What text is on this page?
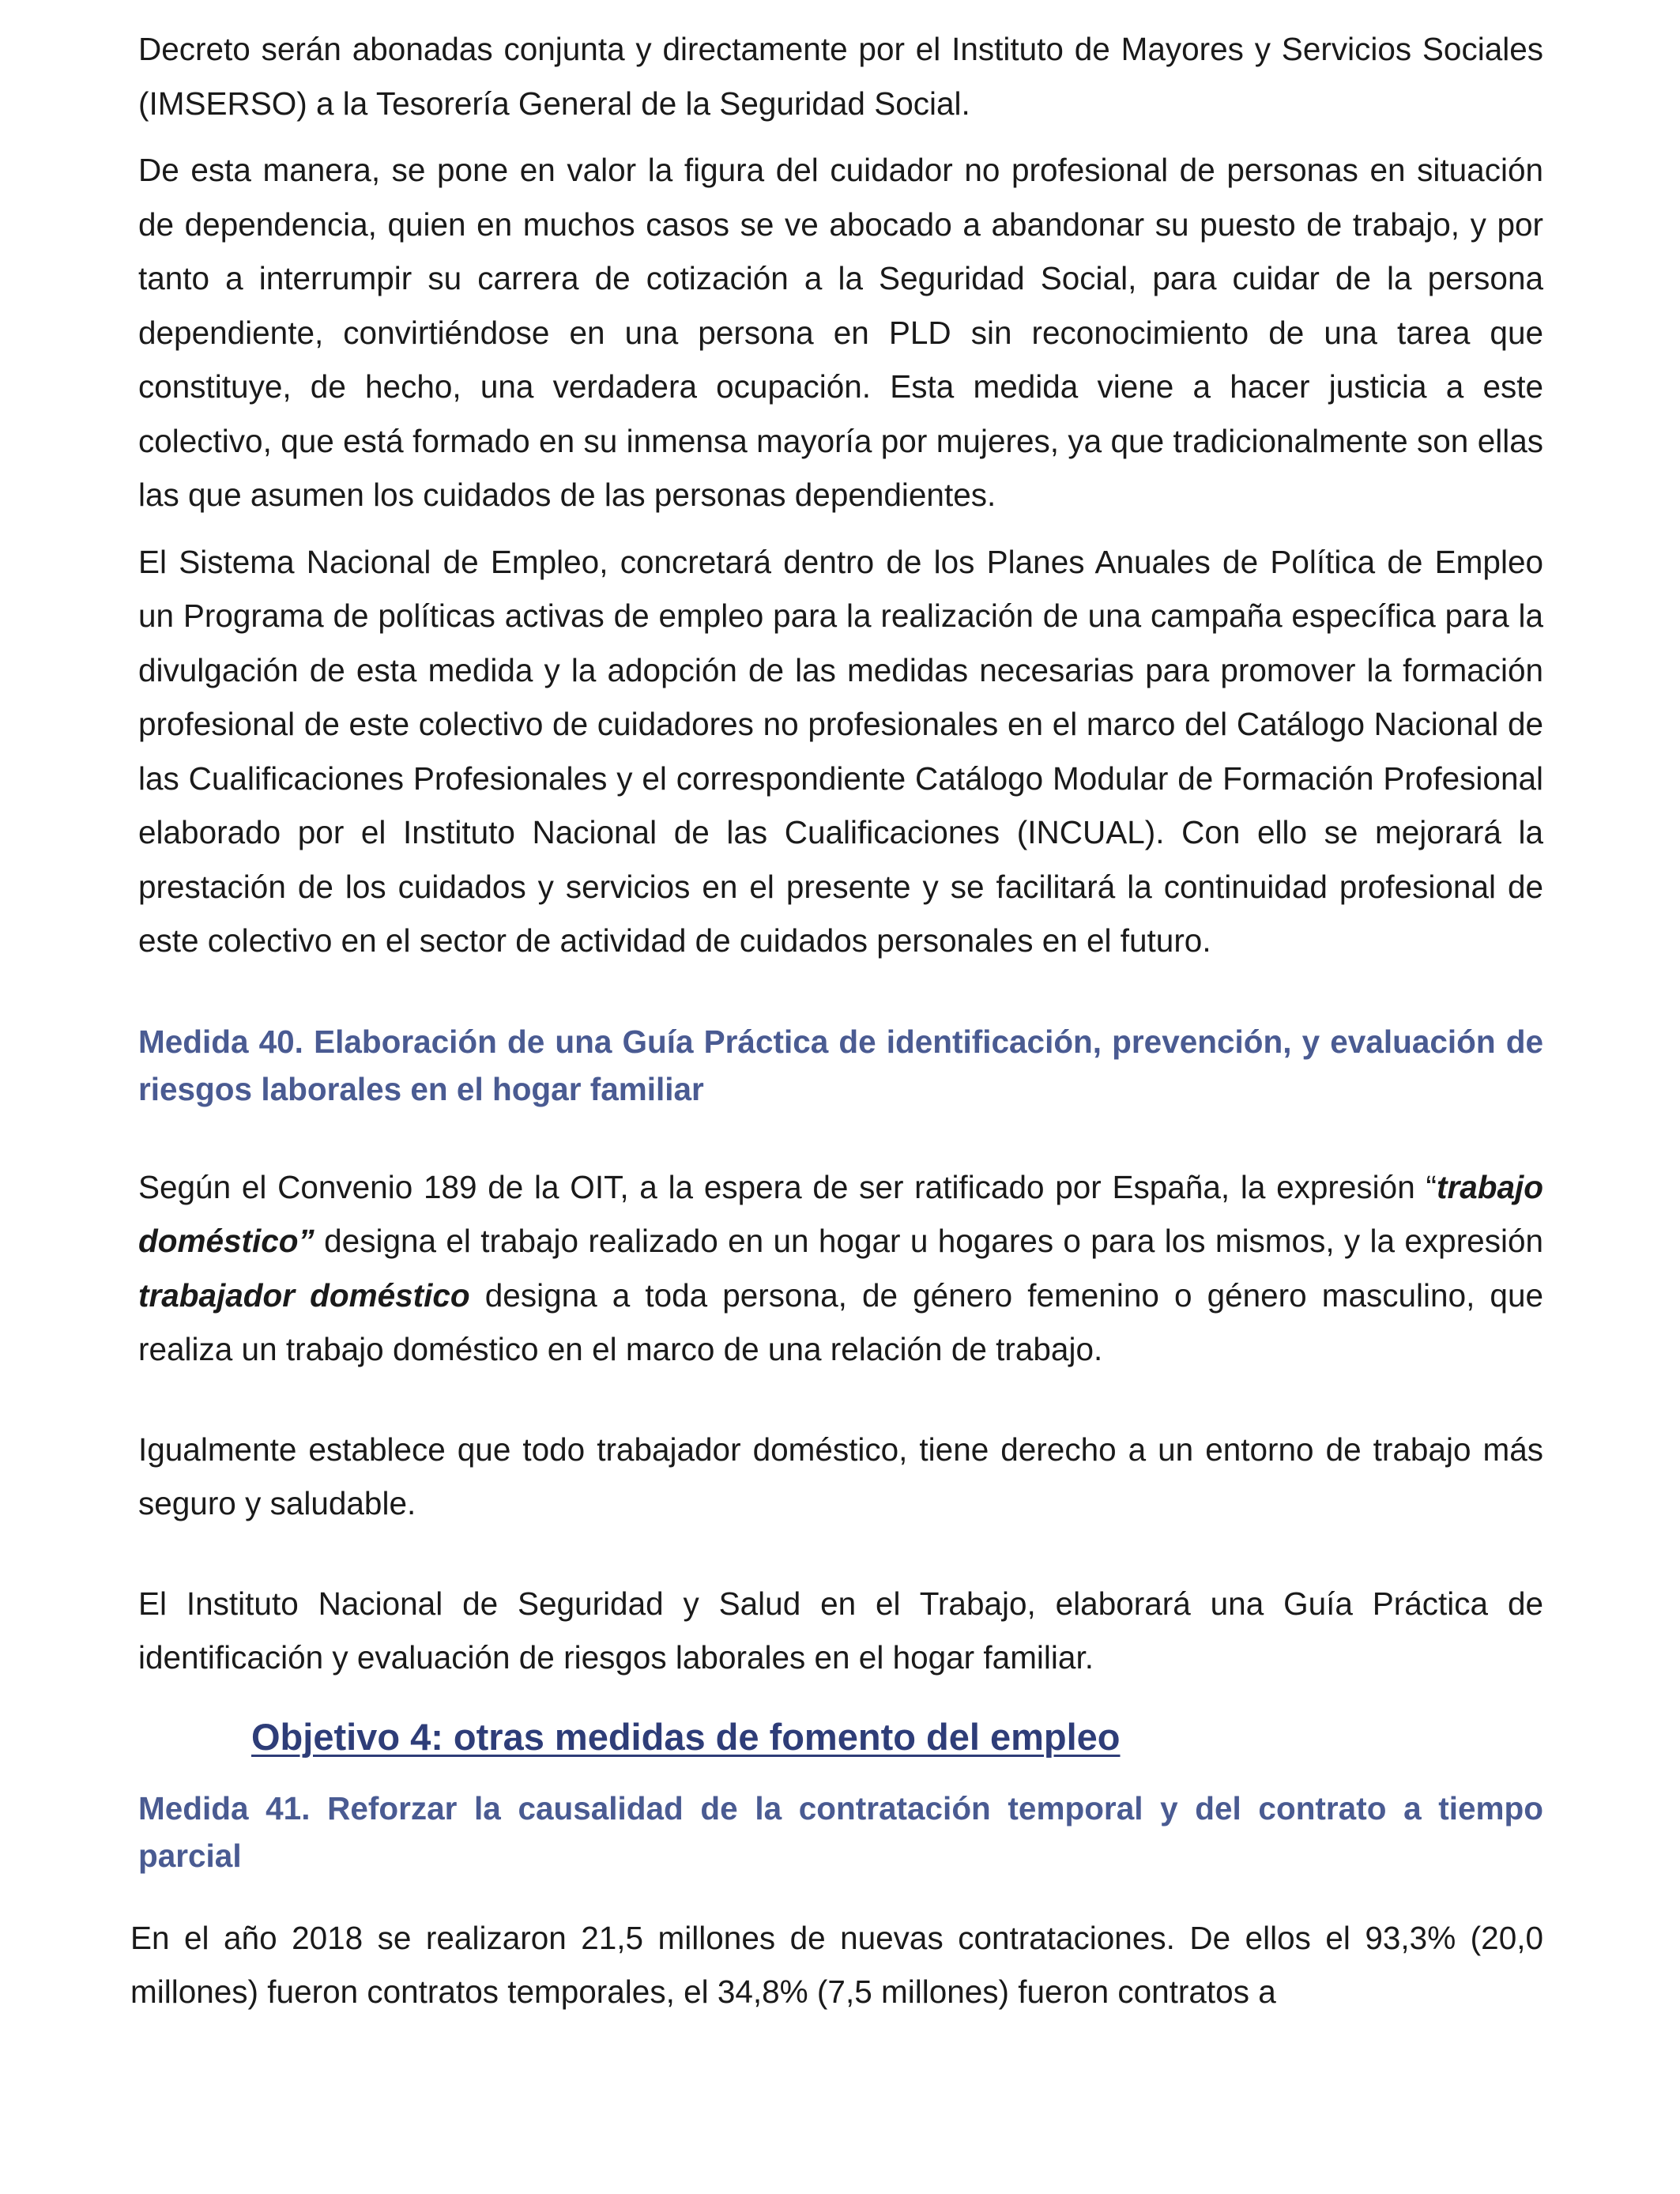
Decreto serán abonadas conjunta y directamente por el Instituto de Mayores y Servicios Sociales (IMSERSO) a la Tesorería General de la Seguridad Social.

De esta manera, se pone en valor la figura del cuidador no profesional de personas en situación de dependencia, quien en muchos casos se ve abocado a abandonar su puesto de trabajo, y por tanto a interrumpir su carrera de cotización a la Seguridad Social, para cuidar de la persona dependiente, convirtiéndose en una persona en PLD sin reconocimiento de una tarea que constituye, de hecho, una verdadera ocupación. Esta medida viene a hacer justicia a este colectivo, que está formado en su inmensa mayoría por mujeres, ya que tradicionalmente son ellas las que asumen los cuidados de las personas dependientes.

El Sistema Nacional de Empleo, concretará dentro de los Planes Anuales de Política de Empleo un Programa de políticas activas de empleo para la realización de una campaña específica para la divulgación de esta medida y la adopción de las medidas necesarias para promover la formación profesional de este colectivo de cuidadores no profesionales en el marco del Catálogo Nacional de las Cualificaciones Profesionales y el correspondiente Catálogo Modular de Formación Profesional elaborado por el Instituto Nacional de las Cualificaciones (INCUAL). Con ello se mejorará la prestación de los cuidados y servicios en el presente y se facilitará la continuidad profesional de este colectivo en el sector de actividad de cuidados personales en el futuro.

Medida 40. Elaboración de una Guía Práctica de identificación, prevención, y evaluación de riesgos laborales en el hogar familiar

Según el Convenio 189 de la OIT, a la espera de ser ratificado por España, la expresión “trabajo doméstico” designa el trabajo realizado en un hogar u hogares o para los mismos, y la expresión trabajador doméstico designa a toda persona, de género femenino o género masculino, que realiza un trabajo doméstico en el marco de una relación de trabajo.

Igualmente establece que todo trabajador doméstico, tiene derecho a un entorno de trabajo más seguro y saludable.

El Instituto Nacional de Seguridad y Salud en el Trabajo, elaborará una Guía Práctica de identificación y evaluación de riesgos laborales en el hogar familiar.

Objetivo 4: otras medidas de fomento del empleo
Medida 41. Reforzar la causalidad de la contratación temporal y del contrato a tiempo parcial

En el año 2018 se realizaron 21,5 millones de nuevas contrataciones. De ellos el 93,3% (20,0 millones) fueron contratos temporales, el 34,8% (7,5 millones) fueron contratos a
